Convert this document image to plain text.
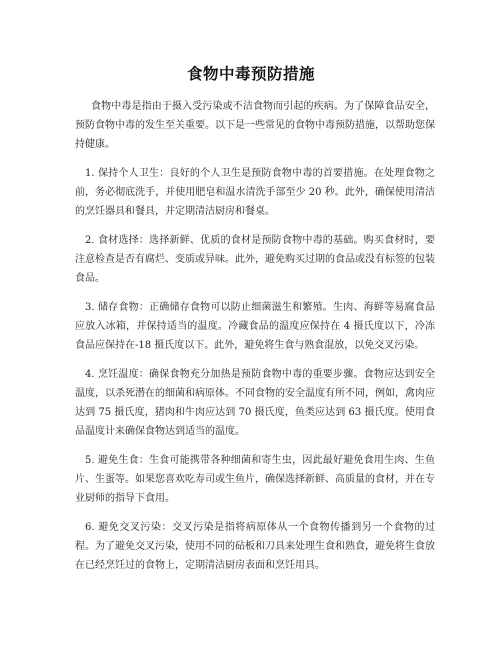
食物中毒预防措施

食物中毒是指由于摄入受污染或不洁食物而引起的疾病。为了保障食品安全，预防食物中毒的发生至关重要。以下是一些常见的食物中毒预防措施，以帮助您保持健康。

1. 保持个人卫生：良好的个人卫生是预防食物中毒的首要措施。在处理食物之前，务必彻底洗手，并使用肥皂和温水清洗手部至少 20 秒。此外，确保使用清洁的烹饪器具和餐具，并定期清洁厨房和餐桌。

2. 食材选择：选择新鲜、优质的食材是预防食物中毒的基础。购买食材时，要注意检查是否有腐烂、变质或异味。此外，避免购买过期的食品或没有标签的包装食品。

3. 储存食物：正确储存食物可以防止细菌滋生和繁殖。生肉、海鲜等易腐食品应放入冰箱，并保持适当的温度。冷藏食品的温度应保持在 4 摄氏度以下，冷冻食品应保持在-18 摄氏度以下。此外，避免将生食与熟食混放，以免交叉污染。

4. 烹饪温度：确保食物充分加热是预防食物中毒的重要步骤。食物应达到安全温度，以杀死潜在的细菌和病原体。不同食物的安全温度有所不同，例如，禽肉应达到 75 摄氏度，猪肉和牛肉应达到 70 摄氏度，鱼类应达到 63 摄氏度。使用食品温度计来确保食物达到适当的温度。

5. 避免生食：生食可能携带各种细菌和寄生虫，因此最好避免食用生肉、生鱼片、生蛋等。如果您喜欢吃寿司或生鱼片，确保选择新鲜、高质量的食材，并在专业厨师的指导下食用。

6. 避免交叉污染：交叉污染是指将病原体从一个食物传播到另一个食物的过程。为了避免交叉污染，使用不同的砧板和刀具来处理生食和熟食，避免将生食放在已经烹饪过的食物上，定期清洁厨房表面和烹饪用具。
